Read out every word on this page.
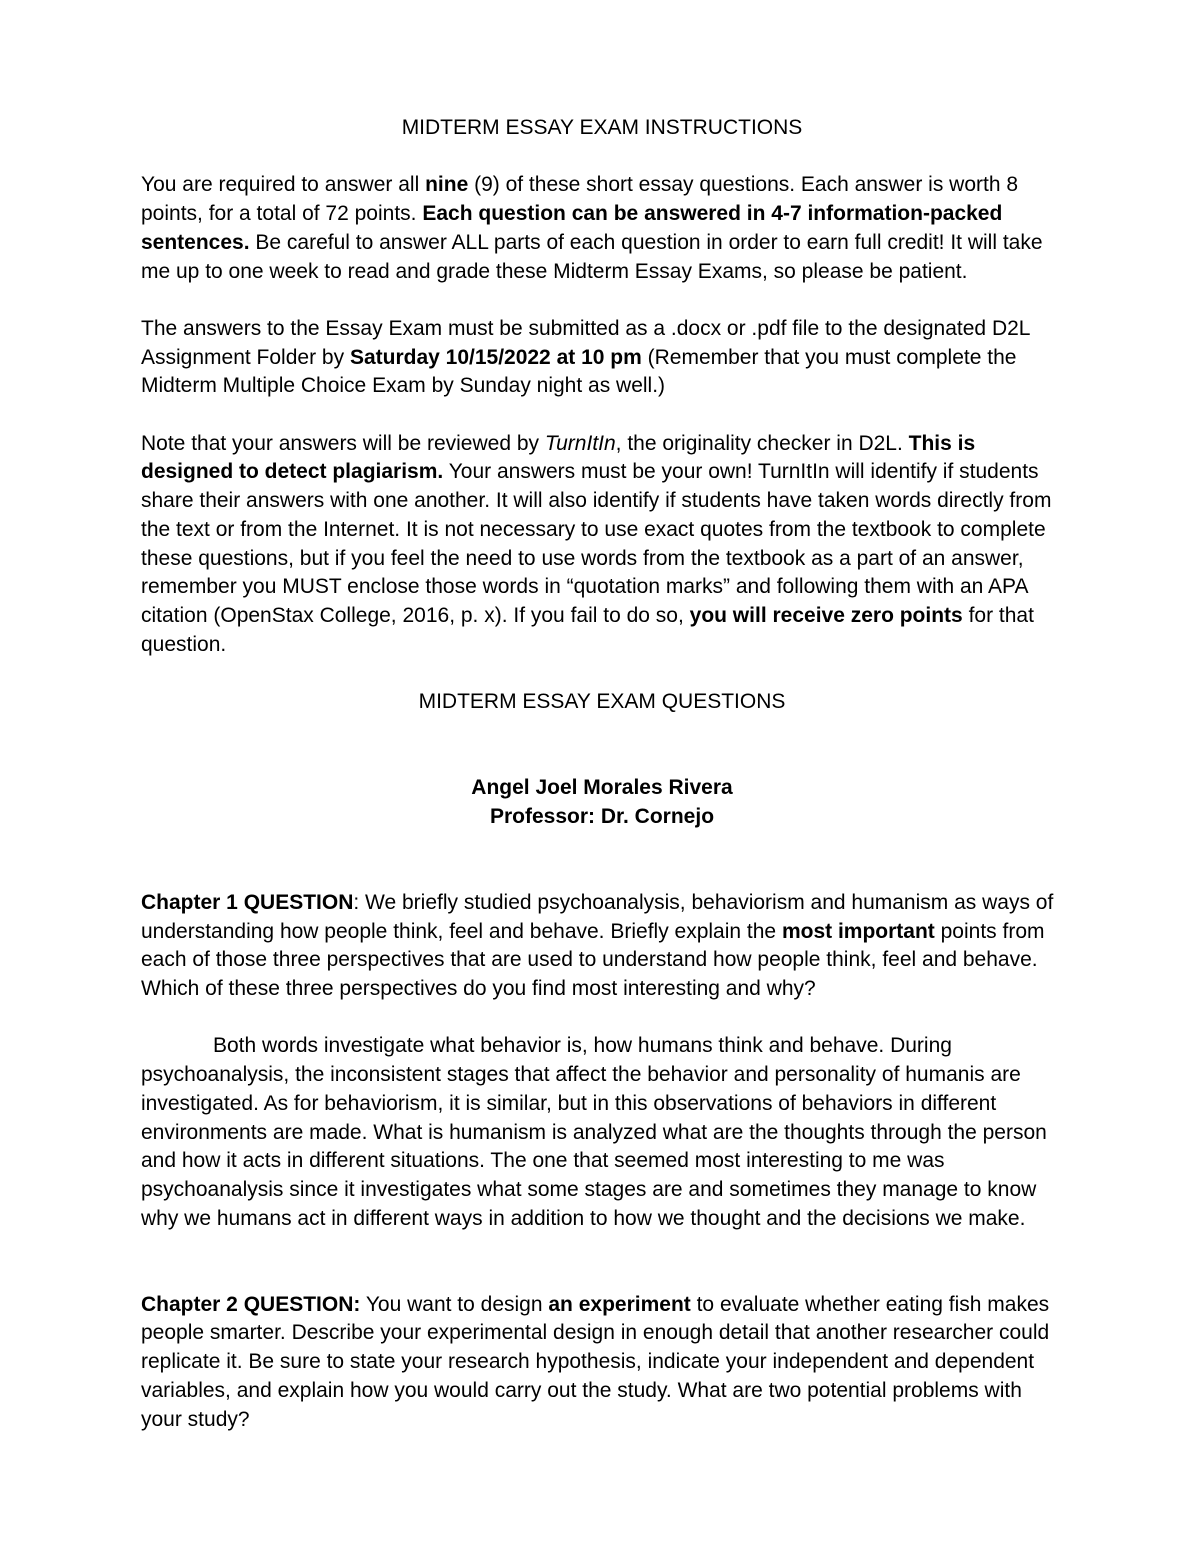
MIDTERM ESSAY EXAM INSTRUCTIONS

You are required to answer all nine (9) of these short essay questions. Each answer is worth 8 points, for a total of 72 points. Each question can be answered in 4-7 information-packed sentences. Be careful to answer ALL parts of each question in order to earn full credit! It will take me up to one week to read and grade these Midterm Essay Exams, so please be patient.

The answers to the Essay Exam must be submitted as a .docx or .pdf file to the designated D2L Assignment Folder by Saturday 10/15/2022 at 10 pm (Remember that you must complete the Midterm Multiple Choice Exam by Sunday night as well.)

Note that your answers will be reviewed by TurnItIn, the originality checker in D2L. This is designed to detect plagiarism. Your answers must be your own! TurnItIn will identify if students share their answers with one another. It will also identify if students have taken words directly from the text or from the Internet. It is not necessary to use exact quotes from the textbook to complete these questions, but if you feel the need to use words from the textbook as a part of an answer, remember you MUST enclose those words in “quotation marks” and following them with an APA citation (OpenStax College, 2016, p. x). If you fail to do so, you will receive zero points for that question.

MIDTERM ESSAY EXAM QUESTIONS

Angel Joel Morales Rivera

Professor: Dr. Cornejo

Chapter 1 QUESTION: We briefly studied psychoanalysis, behaviorism and humanism as ways of understanding how people think, feel and behave. Briefly explain the most important points from each of those three perspectives that are used to understand how people think, feel and behave. Which of these three perspectives do you find most interesting and why?

Both words investigate what behavior is, how humans think and behave. During psychoanalysis, the inconsistent stages that affect the behavior and personality of humanis are investigated. As for behaviorism, it is similar, but in this observations of behaviors in different environments are made. What is humanism is analyzed what are the thoughts through the person and how it acts in different situations. The one that seemed most interesting to me was psychoanalysis since it investigates what some stages are and sometimes they manage to know why we humans act in different ways in addition to how we thought and the decisions we make.

Chapter 2 QUESTION: You want to design an experiment to evaluate whether eating fish makes people smarter. Describe your experimental design in enough detail that another researcher could replicate it. Be sure to state your research hypothesis, indicate your independent and dependent variables, and explain how you would carry out the study. What are two potential problems with your study?
